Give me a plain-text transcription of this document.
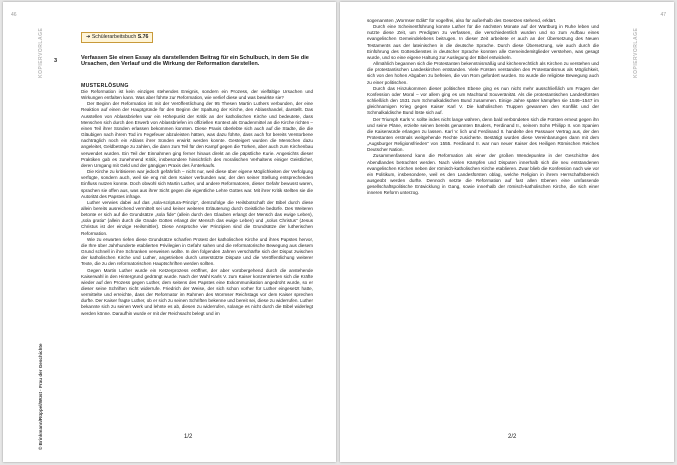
46
KOPIERVORLAGE
© Brinkmann/Rüppel/Wüst · Frau der Geschichte
➔ Schülerarbeitsbuch S.76
3	Verfassen Sie einen Essay als darstellenden Beitrag für ein Schulbuch, in dem Sie die Ursachen, den Verlauf und die Wirkung der Reformation darstellen.
MUSTERLÖSUNG

Die Reformation ist kein einziges stehendes Ereignis, sondern ein Prozess, der vielfältige Ursachen und Wirkungen entfalten kann. Was aber führte zur Reformation, wie verlief diese und was bewirkte sie?

Der Beginn der Reformation ist mit der Veröffentlichung der 95 Thesen Martin Luthers verbunden, der eine Reaktion auf einen der Hauptgründe für den Beginn der Spaltung der Kirche, den Ablasshandel, darstellt. Das Ausstellen von Ablassbriefen war ein Höhepunkt der Kritik an der katholischen Kirche und bedeutete, dass Menschen sich durch den Erwerb von Ablassbriefen im offiziellen Kontext als Gnadenmittel an die Kirche richten – einen Teil ihrer Sünden erlassen bekommen konnten. Diese Praxis überlebte sich auch auf die Stadte, die die Gläubigen nach ihrem Tod im Fegefeuer abzuleisten hätten, was dazu führte, dass auch für bereits Verstorbene nachträglich noch ein Ablass ihrer Sünden erwirkt werden konnte. Gesteigert wurden die Menschen dazu angeleitet, Geldbeträge zu zahlen, die dann zum Teil für den Kampf gegen die Türken, aber auch zum Kirchenbau verwendet wurden. Ein Teil der Einnahmen ging ferner hinaus direkt an die päpstliche Kurie. Angesichts dieser Praktiken gab es zunehmend Kritik, insbesondere hinsichtlich des moralischen Verhaltens einiger Geistlicher, deren Umgang mit Geld und der gängigen Praxis des Ämterkaufs.

Die Kirche zu kritisieren war jedoch gefährlich – nicht nur, weil diese über eigene Möglichkeiten der Verfolgung verfügte, sondern auch, weil sie eng mit dem Kaiser verbunden war, der den seiner Stellung entsprechenden Einfluss nutzen konnte. Doch obwohl sich Martin Luther, und andere Reformatoren, dieser Gefahr bewusst waren, sprachen sie offen aus, was aus ihrer Sicht gegen die eigentliche Lehre Gottes war. Mit ihrer Kritik stellten sie die Autorität des Papstes infrage.

Luther verwies dabei auf das „sola-scriptura-Prinzip“, demzufolge die Heilsbotschaft der Bibel durch diese allein bereits ausreichend vermittelt sei und keiner weiteren Erläuterung durch Geistliche bedürfe. Des Weiteren betonte er sich auf die Grundsätze „sola fide“ (allein durch den Glauben erlangt der Mensch das ewige Leben), „sola gratia“ (allein durch die Gnade Gottes erlangt der Mensch das ewige Leben) und „solus Christus“ (Jesus Christus ist der einzige Heilsmittler). Diese Ansprüche vier Prinzipien sind die Grundsätze der lutherischen Reformation.

Wie zu erwarten riefen diese Grundsätze scharfen Protest der katholischen Kirche und ihres Papstes hervor, die Ihre über Jahrhunderte etablierten Privilegien in Gefahr sahen und die reformatorische Bewegung aus diesem Grund schnell in ihre Schranken verweisen wollte. In den folgenden Jahren verschärfte sich der Disput zwischen der katholischen Kirche und Luther, angetrieben durch unterstützte Dispute und die Veröffentlichung weiterer Texte, die zu den reformatorischen Hauptschriften werden sollten.

Gegen Martin Luther wurde ein Ketzerprozess eröffnet, der aber vorübergehend durch die anstehende Kaiserwahl in den Hintergrund gedrängt wurde. Nach der Wahl Karls V. zum Kaiser konzentrierten sich die Kräfte wieder auf den Prozess gegen Luther, dem seitens des Papstes eine Exkommunikation angedroht wurde, so er dieser seine Schriften nicht widerrufe. Friedrich der Weise, der sich schon vorher für Luther eingesetzt hatte, vermittelte und erreichte, dass der Reformator im Rahmen des Wormser Reichstags vor dem Kaiser sprechen durfte. Der Kaiser fragte Luther, ob er sich zu seinen Schriften bekenne und bereit sei, diese zu widerrufen. Luther bekannte sich zu seinen Werk und lehnte es ab, diesen zu widerrufen, solange es nicht durch die Bibel widerlegt werden könne. Daraufhin wurde er mit der Reichsacht belegt und im

1/2
47
KOPIERVORLAGE

sogenannten „Wormser Edikt“ für vogelfrei, also für außerhalb des Gesetzes stehend, erklärt.

Durch eine Scheinentführung konnte Luther für die nächsten Monate auf der Wartburg in Ruhe leben und nutzte diese Zeit, um Predigten zu verfassen, die verschiedentlich wurden und so zum Aufbau eines evangelischen Gemeindelebens beitrugen. In dieser Zeit arbeitete er auch an der Übersetzung des Neuen Testaments aus der lateinischen in die deutsche Sprache. Durch diese Übersetzung, wie auch durch die Einführung des Gottesdienstes in deutscher Sprache konnten alle Gemeindemitglieder verstehen, was gesagt wurde, und so eine eigene Haltung zur Auslegung der Bibel entwickeln.

Allmählich begannen sich die Protestanten bekenntnismäßig und kirchenrechtlich als Kirchen zu verstehen und die protestantischen Landeskirchen entstanden. Viele Fürsten verstanden den Protestantismus als Möglichkeit, sich von den hohen Abgaben zu befreien, die von Rom gefordert wurden. So wurde die religiöse Bewegung auch zu einer politischen.

Durch das Hinzukommen dieser politischen Ebene ging es nun nicht mehr ausschließlich um Fragen der Konfession oder Moral – vor allem ging es um Machtund Souveränität. Als die protestantischen Landesfürsten schließlich den 1531 zum Schmalkaldischen Bund zusammen. Einige Jahre später kämpften sie 1546–1547 im gleichnamigen Krieg gegen Kaiser Karl V. Die katholischen Truppen gewannen den Konflikt und der Schmalkaldische Bund löste sich auf.

Der Triumph Karls V. sollte indes nicht lange währen, denn bald verbündeten sich die Fürsten erneut gegen ihn und seine Pläne, erzielte seinen bereits genannten Bruders, Ferdinand II., seinem Sohn Philipp II. von Spanien die Kaiserwürde erlangen zu lassen. Karl V. lich und Ferdinand II. handelte den Passauer Vertrag aus, der den Protestanten erstmals weitgehende Rechte zusicherte. Bestätigt wurden diese Vereinbarungen dann mit dem „Augsburger Religionsfrieden“ von 1555. Ferdinand II. war nun neuer Kaiser des Heiligen Römischen Reiches Deutscher Nation.

Zusammenfassend kann die Reformation als einer der großen Wendepunkte in der Geschichte des Abendlandes betrachtet werden. Nach vielen Kämpfen und Disputen innerhalb sich die neu entstandenen evangelischen Kirchen neben der römisch-katholischen Kirche etablieren. Zwar blieb die Konfession nach wie vor ein Politikum, insbesondere, weil es den Landesfürsten oblag, welche Religion in ihrem Herrschaftsbereich ausgeübt werden durfte. Dennoch setzte die Reformation auf fast allen Ebenen eine umfassende gesellschaftspolitische Entwicklung in Gang, sowie innerhalb der römisch-katholischen Kirche, die sich einer inneren Reform unterzog.

2/2
